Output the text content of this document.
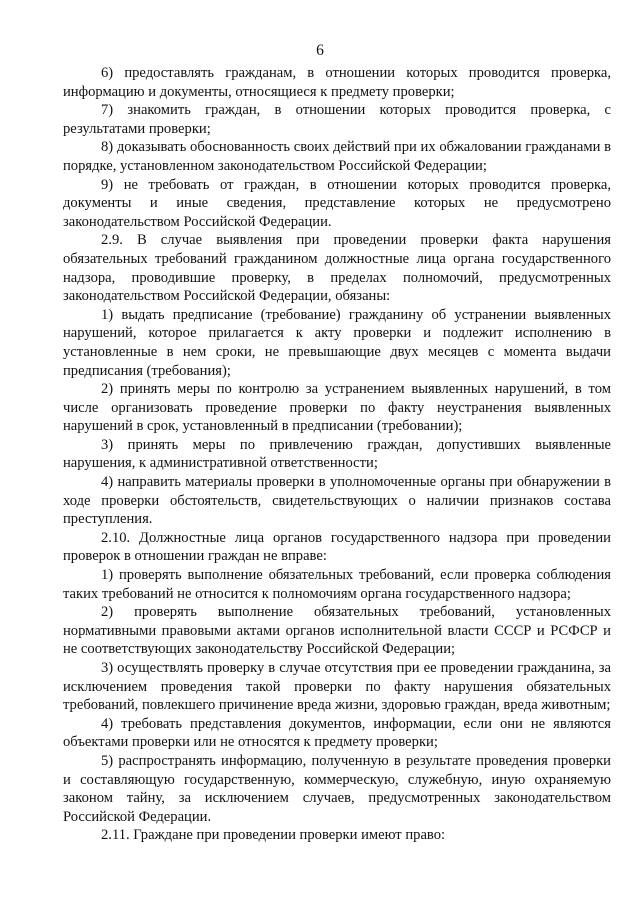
6

6) предоставлять гражданам, в отношении которых проводится проверка, информацию и документы, относящиеся к предмету проверки;

7) знакомить граждан, в отношении которых проводится проверка, с результатами проверки;

8) доказывать обоснованность своих действий при их обжаловании гражданами в порядке, установленном законодательством Российской Федерации;

9) не требовать от граждан, в отношении которых проводится проверка, документы и иные сведения, представление которых не предусмотрено законодательством Российской Федерации.

2.9. В случае выявления при проведении проверки факта нарушения обязательных требований гражданином должностные лица органа государственного надзора, проводившие проверку, в пределах полномочий, предусмотренных законодательством Российской Федерации, обязаны:

1) выдать предписание (требование) гражданину об устранении выявленных нарушений, которое прилагается к акту проверки и подлежит исполнению в установленные в нем сроки, не превышающие двух месяцев с момента выдачи предписания (требования);

2) принять меры по контролю за устранением выявленных нарушений, в том числе организовать проведение проверки по факту неустранения выявленных нарушений в срок, установленный в предписании (требовании);

3) принять меры по привлечению граждан, допустивших выявленные нарушения, к административной ответственности;

4) направить материалы проверки в уполномоченные органы при обнаружении в ходе проверки обстоятельств, свидетельствующих о наличии признаков состава преступления.

2.10. Должностные лица органов государственного надзора при проведении проверок в отношении граждан не вправе:

1) проверять выполнение обязательных требований, если проверка соблюдения таких требований не относится к полномочиям органа государственного надзора;

2) проверять выполнение обязательных требований, установленных нормативными правовыми актами органов исполнительной власти СССР и РСФСР и не соответствующих законодательству Российской Федерации;

3) осуществлять проверку в случае отсутствия при ее проведении гражданина, за исключением проведения такой проверки по факту нарушения обязательных требований, повлекшего причинение вреда жизни, здоровью граждан, вреда животным;

4) требовать представления документов, информации, если они не являются объектами проверки или не относятся к предмету проверки;

5) распространять информацию, полученную в результате проведения проверки и составляющую государственную, коммерческую, служебную, иную охраняемую законом тайну, за исключением случаев, предусмотренных законодательством Российской Федерации.

2.11. Граждане при проведении проверки имеют право:
